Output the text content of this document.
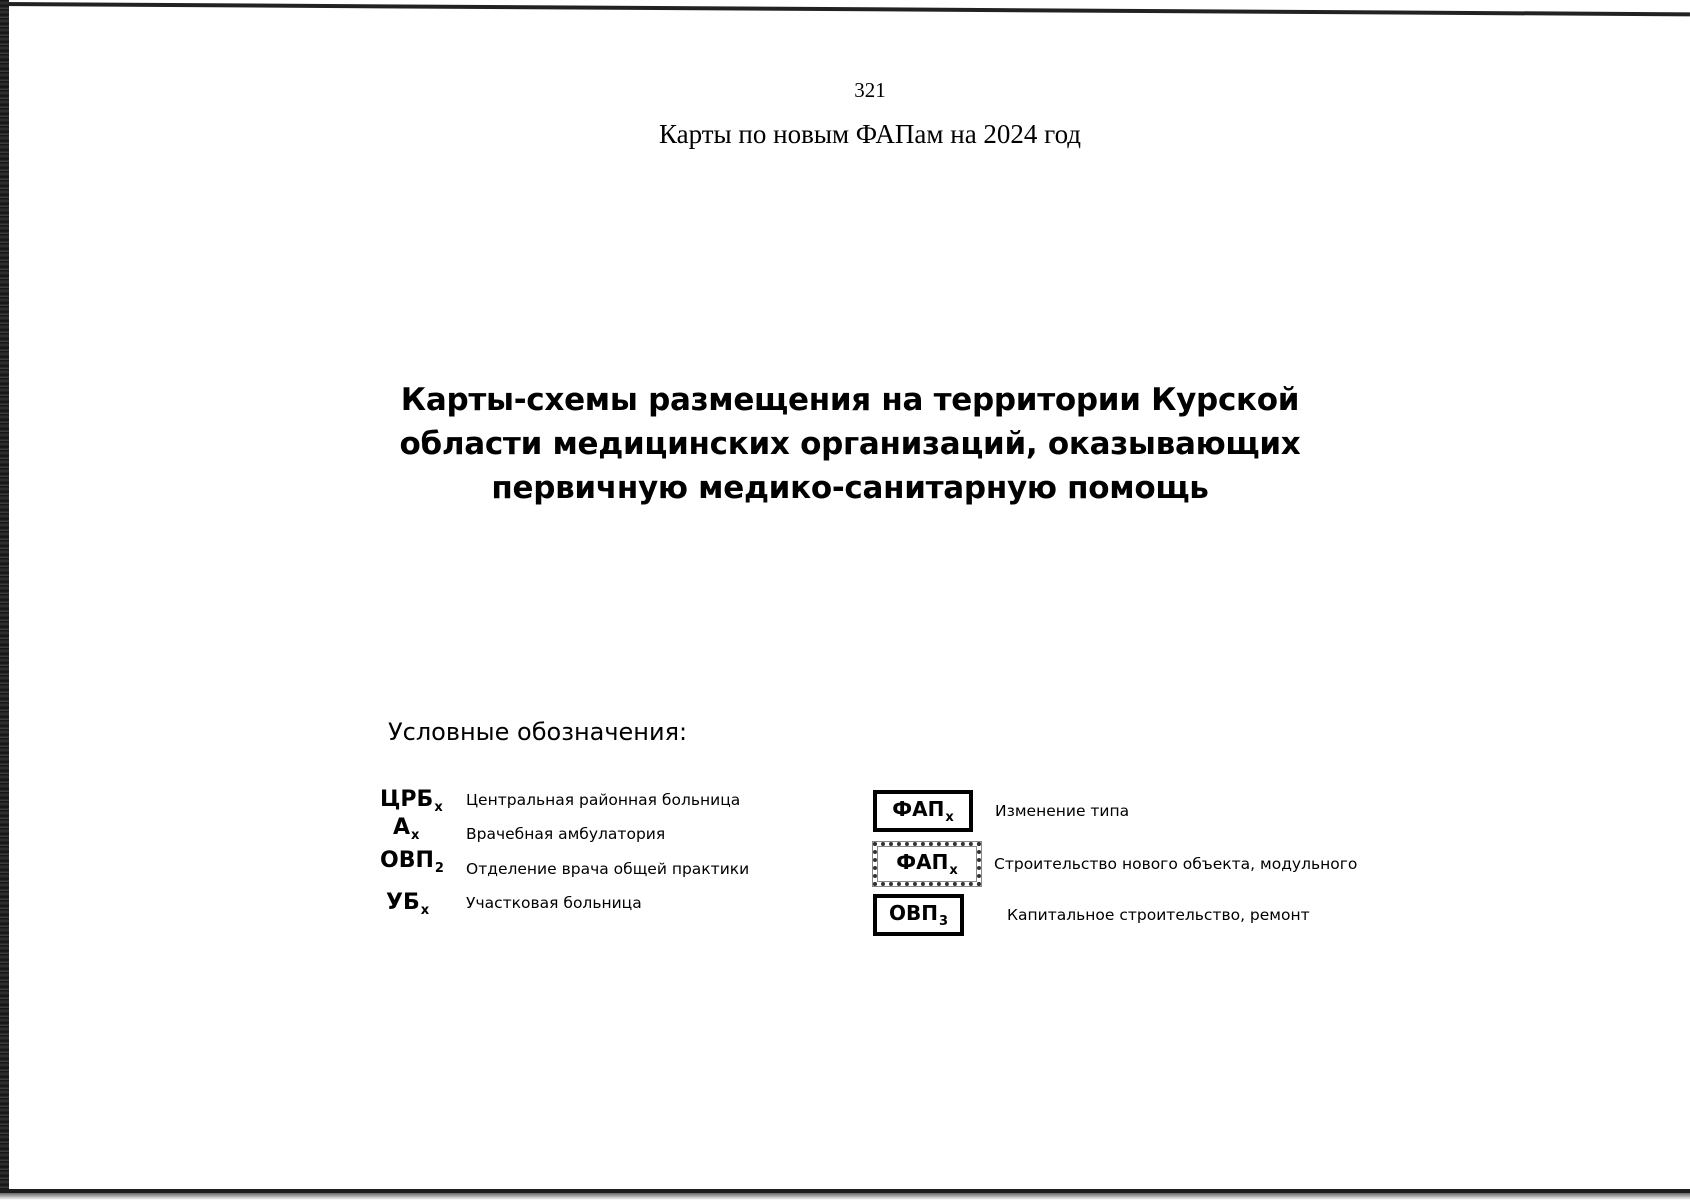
321
Карты по новым ФАПам на 2024 год
Карты-схемы размещения на территории Курской
области медицинских организаций, оказывающих
первичную медико-санитарную помощь
Условные обозначения:
$ЦРБ_х$ Центральная районная больница
$А_х$	Врачебная амбулатория
$ОВП_2$ Отделение врача общей практики
$УБ_х$ Участковая больница
$ФАП_х$	Изменение типа
$ФАП_х$ Строительство нового объекта, модульного
$ОВП_3$	Капитальное строительство, ремонт
